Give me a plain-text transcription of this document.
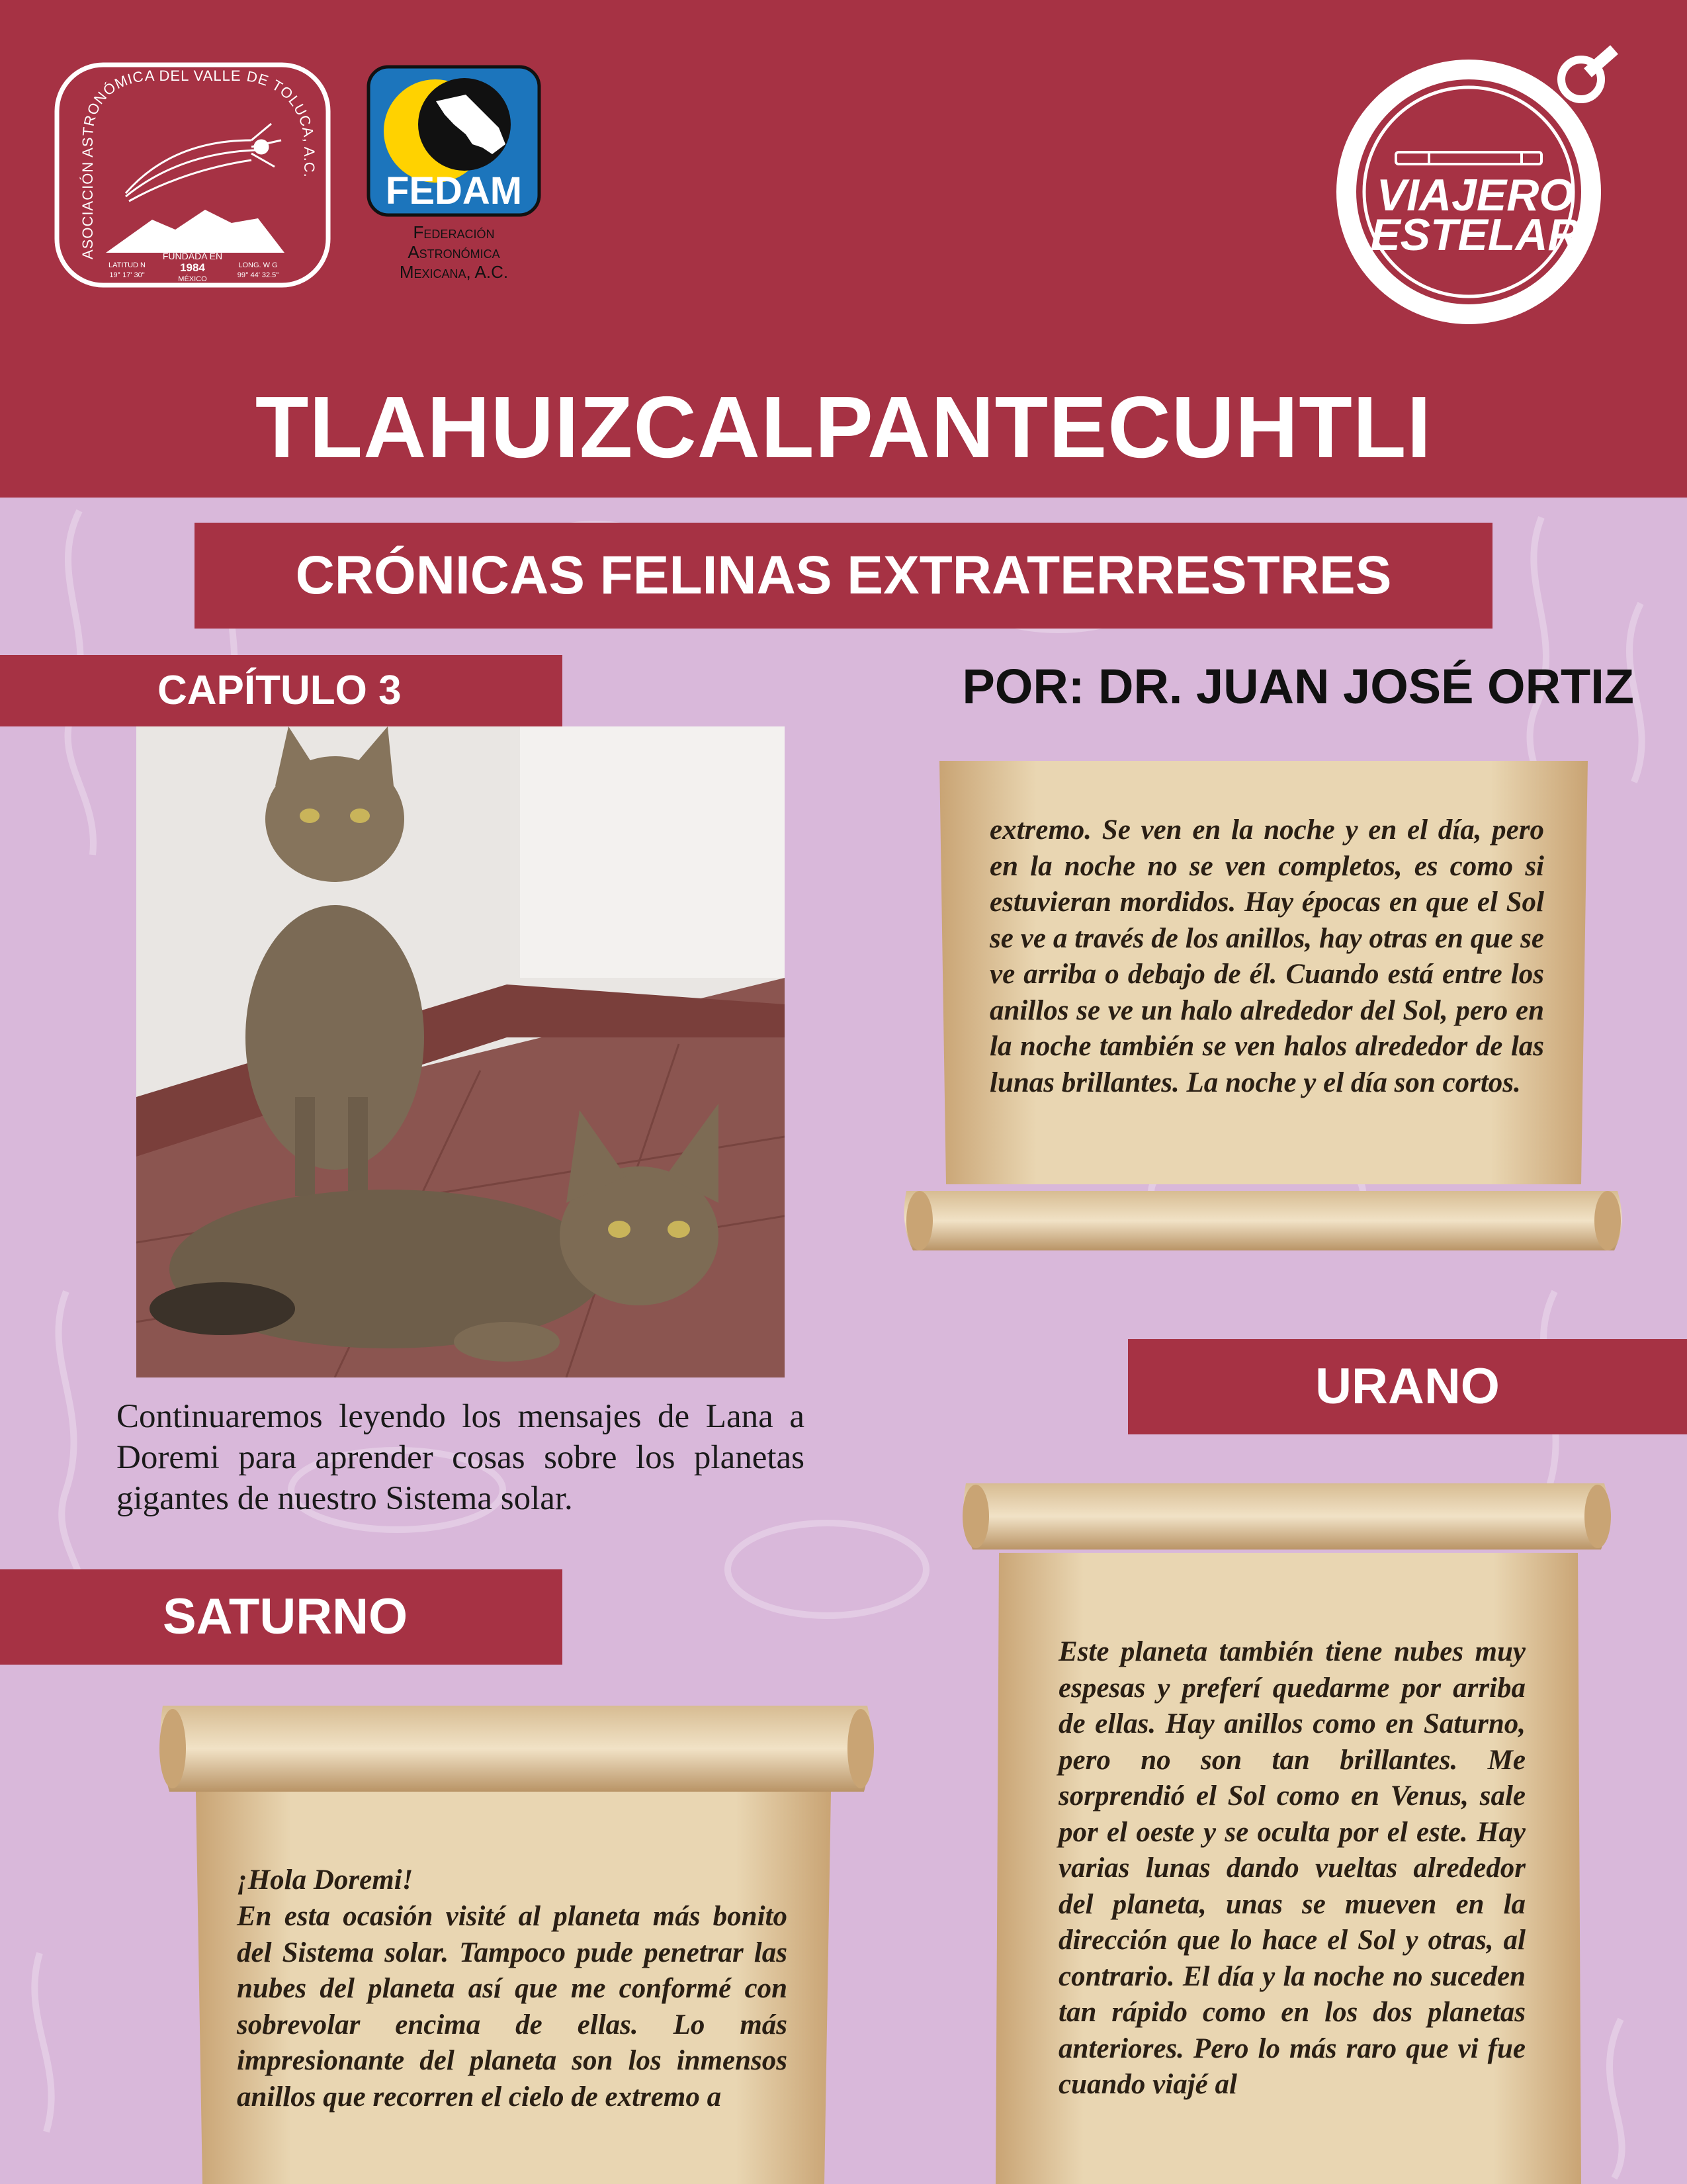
ASOCIACIÓN ASTRONÓMICA DEL VALLE DE TOLUCA, A.C.
FUNDADA EN
1984
MÉXICO
LATITUD N
19° 17' 30"
LONG. W G
99° 44' 32.5"
FEDAM
Federación
Astronómica
Mexicana, A.C.
VIAJERO
ESTELAR
TLAHUIZCALPANTECUHTLI
CRÓNICAS FELINAS EXTRATERRESTRES
CAPÍTULO 3	POR: DR. JUAN JOSÉ ORTIZ
Continuaremos leyendo los mensajes de Lana a Doremi para aprender cosas sobre los planetas gigantes de nuestro Sistema solar.
URANO
SATURNO
extremo. Se ven en la noche y en el día, pero en la noche no se ven completos, es como si estuvieran mordidos. Hay épocas en que el Sol se ve a través de los anillos, hay otras en que se ve arriba o debajo de él. Cuando está entre los anillos se ve un halo alrededor del Sol, pero en la noche también se ven halos alrededor de las lunas brillantes. La noche y el día son cortos.
Este planeta también tiene nubes muy espesas y preferí quedarme por arriba de ellas. Hay anillos como en Saturno, pero no son tan brillantes. Me sorprendió el Sol como en Venus, sale por el oeste y se oculta por el este. Hay varias lunas dando vueltas alrededor del planeta, unas se mueven en la dirección que lo hace el Sol y otras, al contrario. El día y la noche no suceden tan rápido como en los dos planetas anteriores. Pero lo más raro que vi fue cuando viajé al
¡Hola Doremi!
En esta ocasión visité al planeta más bonito del Sistema solar. Tampoco pude penetrar las nubes del planeta así que me conformé con sobrevolar encima de ellas. Lo más impresionante del planeta son los inmensos anillos que recorren el cielo de extremo a
